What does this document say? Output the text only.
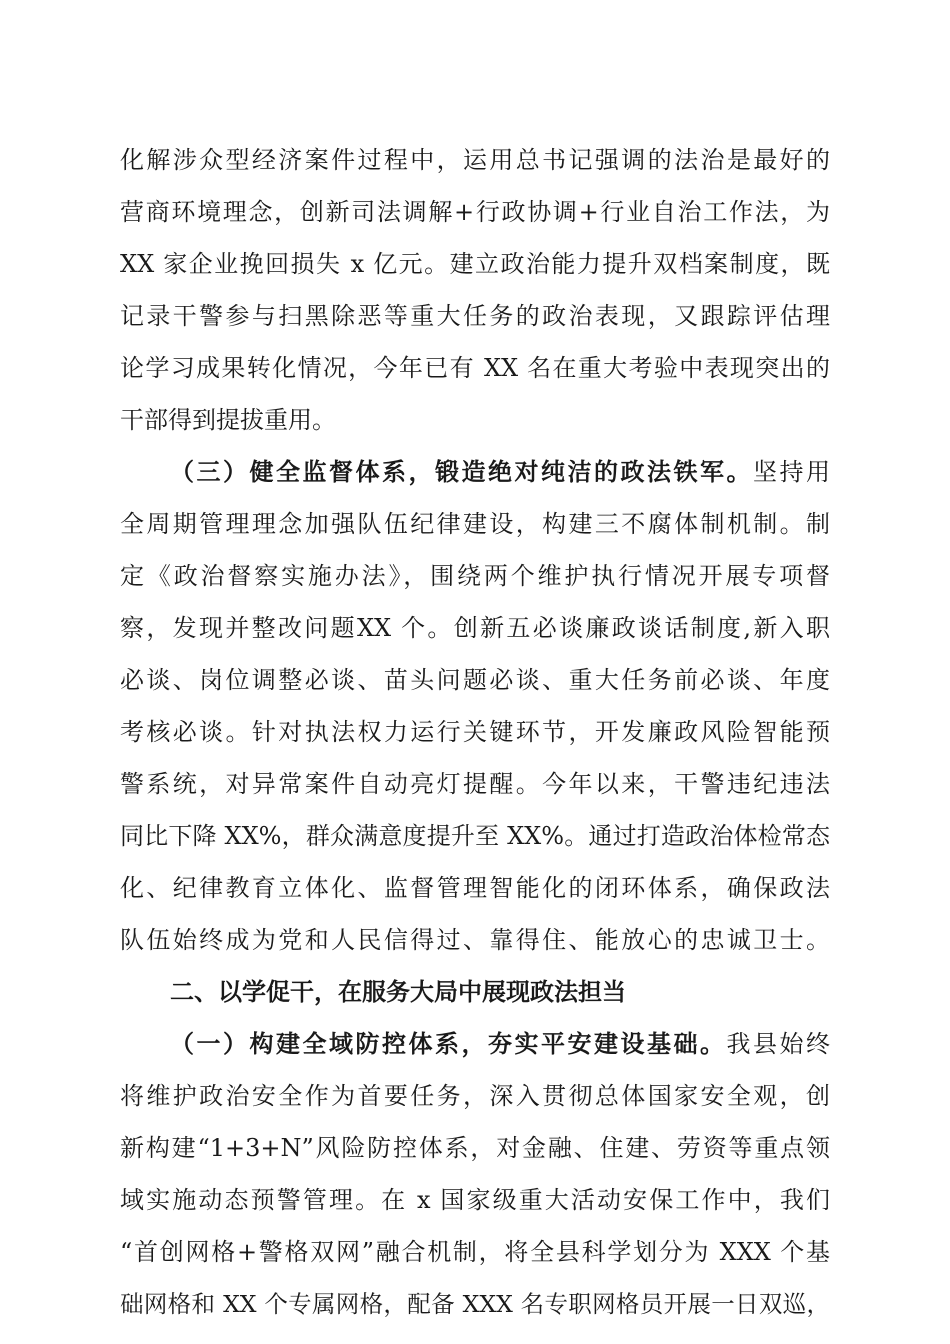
化解涉众型经济案件过程中，运用总书记强调的法治是最好的
营商环境理念，创新司法调解+行政协调+行业自治工作法，为
XX 家企业挽回损失 x 亿元。建立政治能力提升双档案制度，既
记录干警参与扫黑除恶等重大任务的政治表现，又跟踪评估理
论学习成果转化情况，今年已有 XX 名在重大考验中表现突出的
干部得到提拔重用。
（三）健全监督体系，锻造绝对纯洁的政法铁军。坚持用
全周期管理理念加强队伍纪律建设，构建三不腐体制机制。制
定《政治督察实施办法》，围绕两个维护执行情况开展专项督
察，发现并整改问题XX 个。创新五必谈廉政谈话制度,新入职
必谈、岗位调整必谈、苗头问题必谈、重大任务前必谈、年度
考核必谈。针对执法权力运行关键环节，开发廉政风险智能预
警系统，对异常案件自动亮灯提醒。今年以来，干警违纪违法
同比下降 XX%，群众满意度提升至 XX%。通过打造政治体检常态
化、纪律教育立体化、监督管理智能化的闭环体系，确保政法
队伍始终成为党和人民信得过、靠得住、能放心的忠诚卫士。
二、以学促干，在服务大局中展现政法担当
（一）构建全域防控体系，夯实平安建设基础。我县始终
将维护政治安全作为首要任务，深入贯彻总体国家安全观，创
新构建“1+3+N”风险防控体系，对金融、住建、劳资等重点领
域实施动态预警管理。在 x 国家级重大活动安保工作中，我们
“首创网格+警格双网”融合机制，将全县科学划分为 XXX 个基
础网格和 XX 个专属网格，配备 XXX 名专职网格员开展一日双巡，
